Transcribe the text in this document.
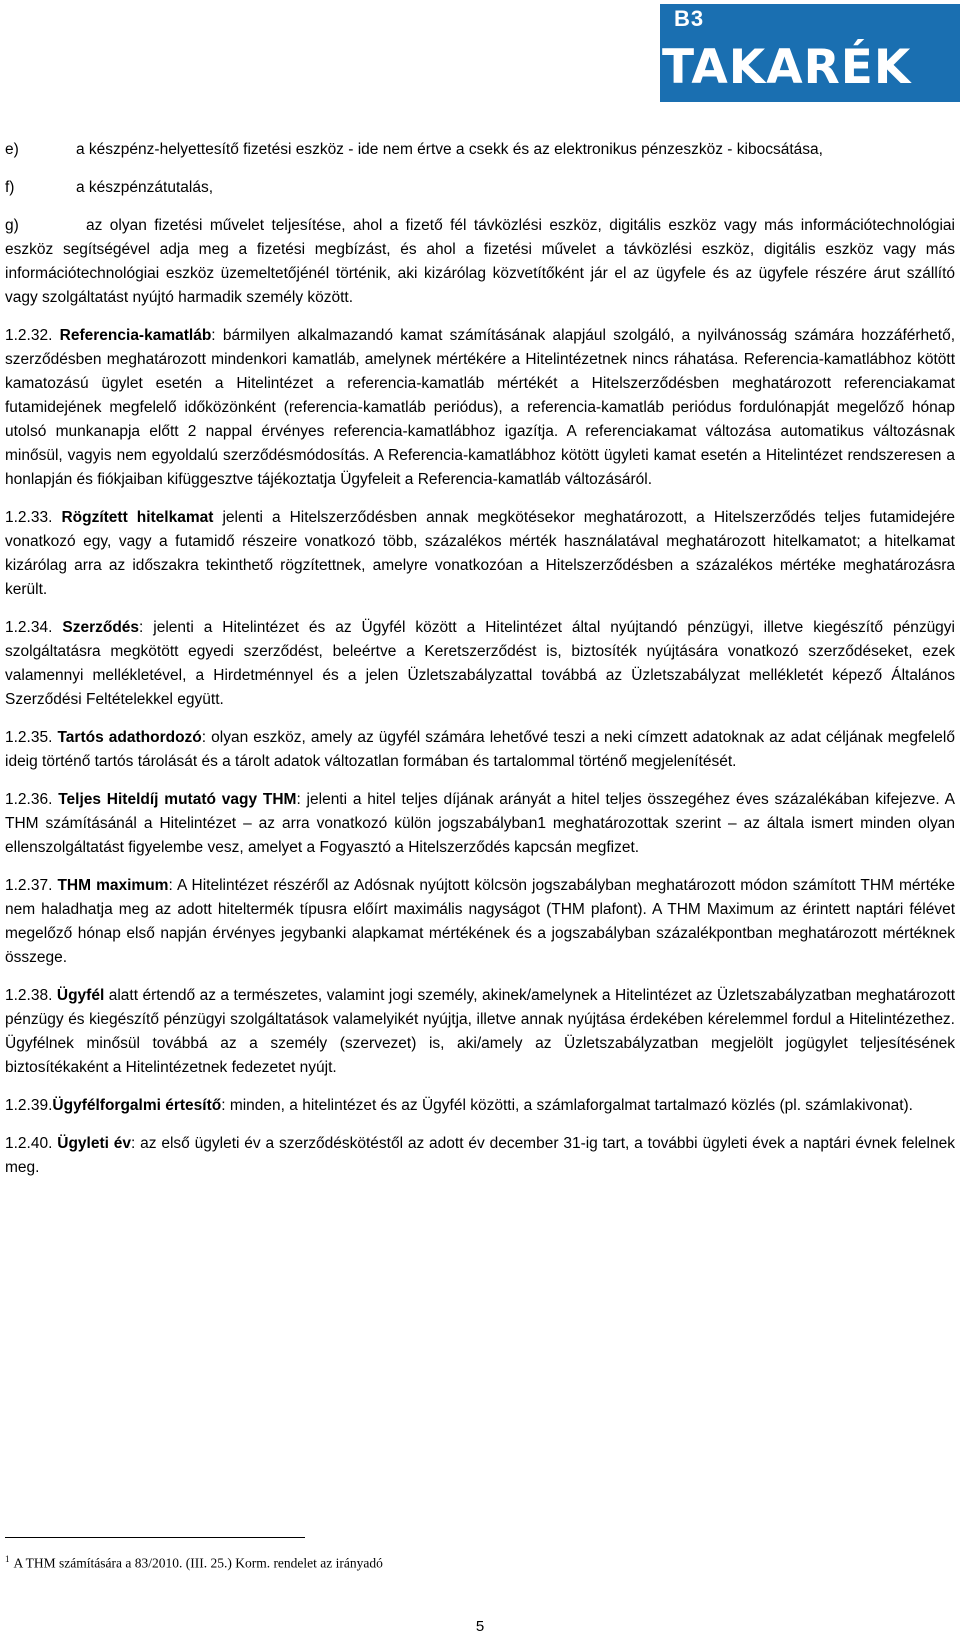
B3
TAKARÉK

e)	a készpénz-helyettesítő fizetési eszköz - ide nem értve a csekk és az elektronikus pénzeszköz - kibocsátása,

f)	a készpénzátutalás,

g)	az olyan fizetési művelet teljesítése, ahol a fizető fél távközlési eszköz, digitális eszköz vagy más információtechnológiai eszköz segítségével adja meg a fizetési megbízást, és ahol a fizetési művelet a távközlési eszköz, digitális eszköz vagy más információtechnológiai eszköz üzemeltetőjénél történik, aki kizárólag közvetítőként jár el az ügyfele és az ügyfele részére árut szállító vagy szolgáltatást nyújtó harmadik személy között.

1.2.32. Referencia-kamatláb: bármilyen alkalmazandó kamat számításának alapjául szolgáló, a nyilvánosság számára hozzáférhető, szerződésben meghatározott mindenkori kamatláb, amelynek mértékére a Hitelintézetnek nincs ráhatása. Referencia-kamatlábhoz kötött kamatozású ügylet esetén a Hitelintézet a referencia-kamatláb mértékét a Hitelszerződésben meghatározott referenciakamat futamidejének megfelelő időközönként (referencia-kamatláb periódus), a referencia-kamatláb periódus fordulónapját megelőző hónap utolsó munkanapja előtt 2 nappal érvényes referencia-kamatlábhoz igazítja. A referenciakamat változása automatikus változásnak minősül, vagyis nem egyoldalú szerződésmódosítás. A Referencia-kamatlábhoz kötött ügyleti kamat esetén a Hitelintézet rendszeresen a honlapján és fiókjaiban kifüggesztve tájékoztatja Ügyfeleit a Referencia-kamatláb változásáról.

1.2.33. Rögzített hitelkamat jelenti a Hitelszerződésben annak megkötésekor meghatározott, a Hitelszerződés teljes futamidejére vonatkozó egy, vagy a futamidő részeire vonatkozó több, százalékos mérték használatával meghatározott hitelkamatot; a hitelkamat kizárólag arra az időszakra tekinthető rögzítettnek, amelyre vonatkozóan a Hitelszerződésben a százalékos mértéke meghatározásra került.

1.2.34. Szerződés: jelenti a Hitelintézet és az Ügyfél között a Hitelintézet által nyújtandó pénzügyi, illetve kiegészítő pénzügyi szolgáltatásra megkötött egyedi szerződést, beleértve a Keretszerződést is, biztosíték nyújtására vonatkozó szerződéseket, ezek valamennyi mellékletével, a Hirdetménnyel és a jelen Üzletszabályzattal továbbá az Üzletszabályzat mellékletét képező Általános Szerződési Feltételekkel együtt.

1.2.35. Tartós adathordozó: olyan eszköz, amely az ügyfél számára lehetővé teszi a neki címzett adatoknak az adat céljának megfelelő ideig történő tartós tárolását és a tárolt adatok változatlan formában és tartalommal történő megjelenítését.

1.2.36. Teljes Hiteldíj mutató vagy THM: jelenti a hitel teljes díjának arányát a hitel teljes összegéhez éves százalékában kifejezve. A THM számításánál a Hitelintézet – az arra vonatkozó külön jogszabályban1 meghatározottak szerint – az általa ismert minden olyan ellenszolgáltatást figyelembe vesz, amelyet a Fogyasztó a Hitelszerződés kapcsán megfizet.

1.2.37. THM maximum: A Hitelintézet részéről az Adósnak nyújtott kölcsön jogszabályban meghatározott módon számított THM mértéke nem haladhatja meg az adott hiteltermék típusra előírt maximális nagyságot (THM plafont). A THM Maximum az érintett naptári félévet megelőző hónap első napján érvényes jegybanki alapkamat mértékének és a jogszabályban százalékpontban meghatározott mértéknek összege.

1.2.38. Ügyfél alatt értendő az a természetes, valamint jogi személy, akinek/amelynek a Hitelintézet az Üzletszabályzatban meghatározott pénzügy és kiegészítő pénzügyi szolgáltatások valamelyikét nyújtja, illetve annak nyújtása érdekében kérelemmel fordul a Hitelintézethez. Ügyfélnek minősül továbbá az a személy (szervezet) is, aki/amely az Üzletszabályzatban megjelölt jogügylet teljesítésének biztosítékaként a Hitelintézetnek fedezetet nyújt.

1.2.39.Ügyfélforgalmi értesítő: minden, a hitelintézet és az Ügyfél közötti, a számlaforgalmat tartalmazó közlés (pl. számlakivonat).

1.2.40. Ügyleti év: az első ügyleti év a szerződéskötéstől az adott év december 31-ig tart, a további ügyleti évek a naptári évnek felelnek meg.

$^1$ A THM számítására a 83/2010. (III. 25.) Korm. rendelet az irányadó
5
